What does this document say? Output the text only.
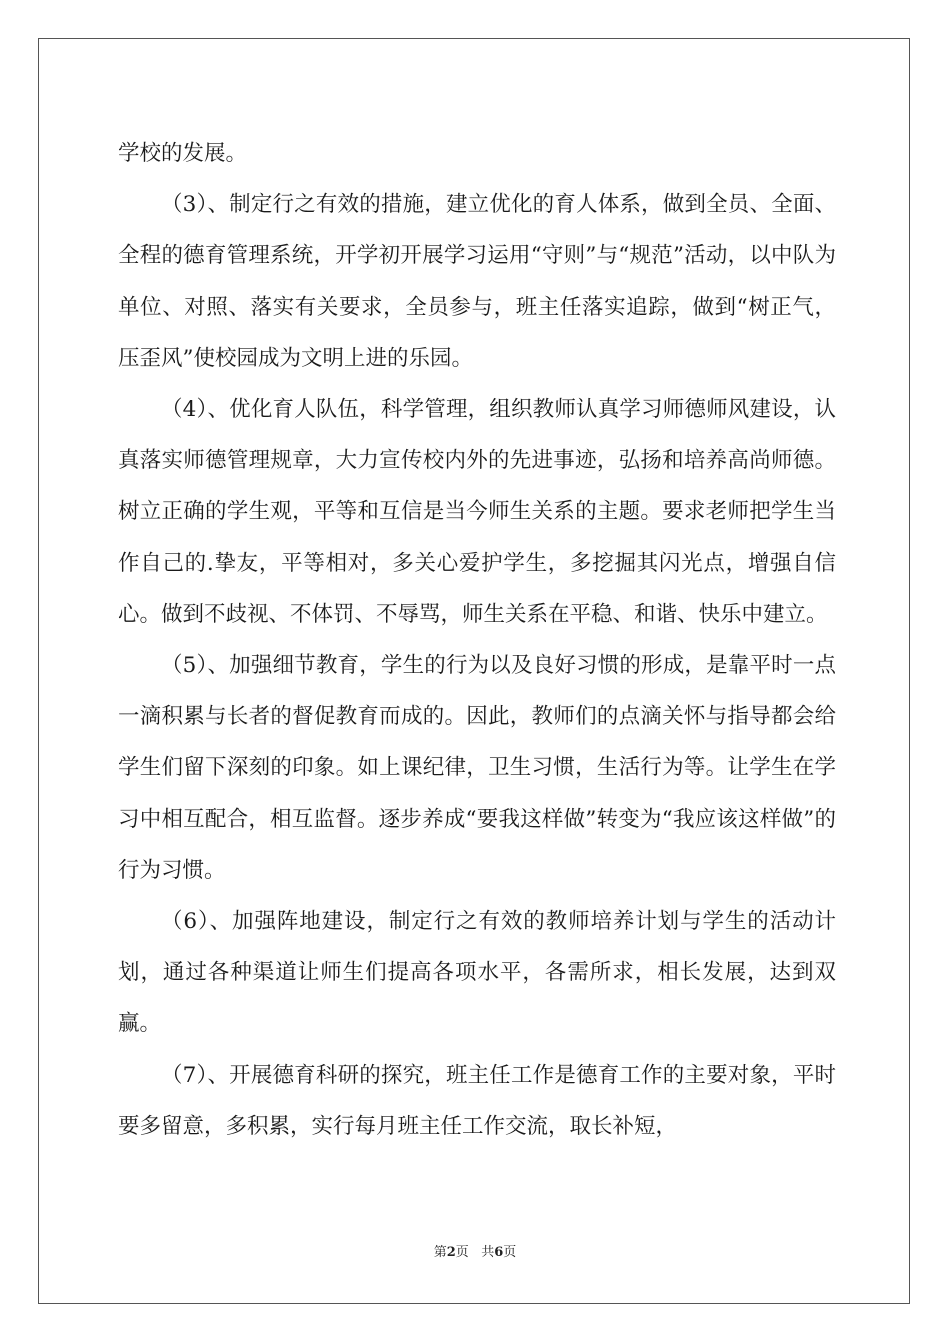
学校的发展。

（3）、制定行之有效的措施，建立优化的育人体系，做到全员、全面、全程的德育管理系统，开学初开展学习运用“守则”与“规范”活动，以中队为单位、对照、落实有关要求，全员参与，班主任落实追踪，做到“树正气，压歪风”使校园成为文明上进的乐园。

（4）、优化育人队伍，科学管理，组织教师认真学习师德师风建设，认真落实师德管理规章，大力宣传校内外的先进事迹，弘扬和培养高尚师德。树立正确的学生观，平等和互信是当今师生关系的主题。要求老师把学生当作自己的.挚友，平等相对，多关心爱护学生，多挖掘其闪光点，增强自信心。做到不歧视、不体罚、不辱骂，师生关系在平稳、和谐、快乐中建立。

（5）、加强细节教育，学生的行为以及良好习惯的形成，是靠平时一点一滴积累与长者的督促教育而成的。因此，教师们的点滴关怀与指导都会给学生们留下深刻的印象。如上课纪律，卫生习惯，生活行为等。让学生在学习中相互配合，相互监督。逐步养成“要我这样做”转变为“我应该这样做”的行为习惯。

（6）、加强阵地建设，制定行之有效的教师培养计划与学生的活动计划，通过各种渠道让师生们提高各项水平，各需所求，相长发展，达到双赢。

（7）、开展德育科研的探究，班主任工作是德育工作的主要对象，平时要多留意，多积累，实行每月班主任工作交流，取长补短，

第2页 共6页
